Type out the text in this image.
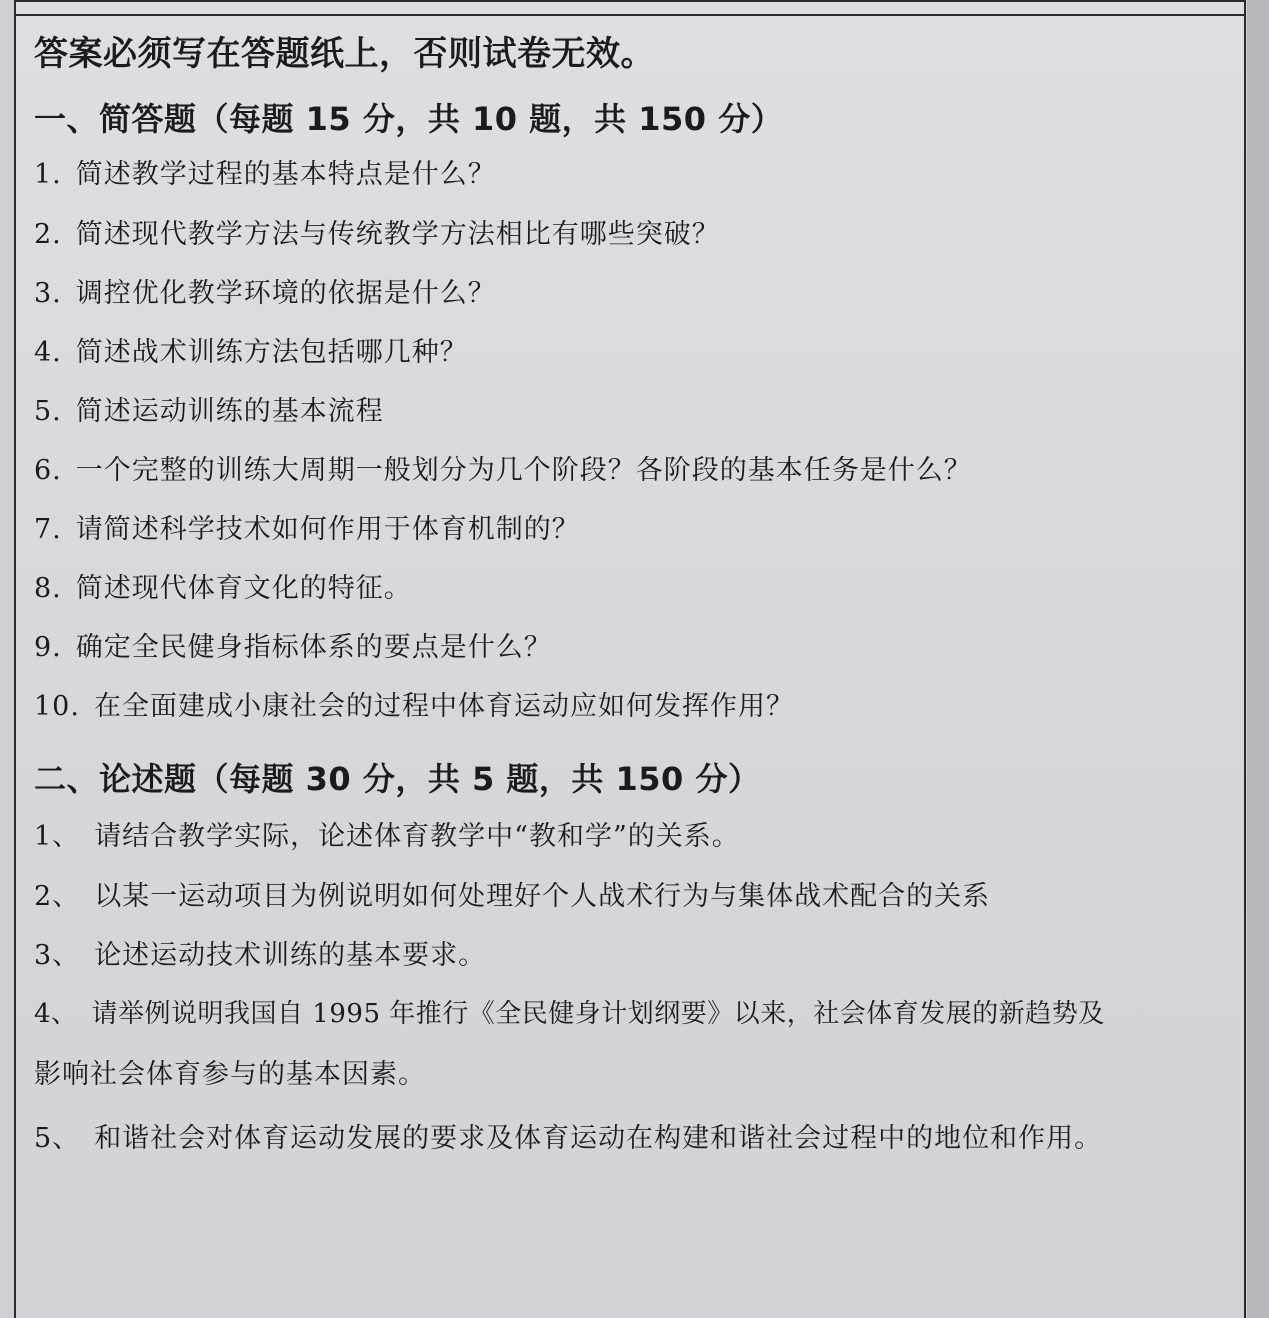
答案必须写在答题纸上，否则试卷无效。
一、简答题（每题 15 分，共 10 题，共 150 分）
1. 简述教学过程的基本特点是什么？
2. 简述现代教学方法与传统教学方法相比有哪些突破？
3. 调控优化教学环境的依据是什么？
4. 简述战术训练方法包括哪几种？
5. 简述运动训练的基本流程
6. 一个完整的训练大周期一般划分为几个阶段？各阶段的基本任务是什么？
7. 请简述科学技术如何作用于体育机制的？
8. 简述现代体育文化的特征。
9. 确定全民健身指标体系的要点是什么？
10. 在全面建成小康社会的过程中体育运动应如何发挥作用？
二、论述题（每题 30 分，共 5 题，共 150 分）
1、 请结合教学实际，论述体育教学中“教和学”的关系。
2、 以某一运动项目为例说明如何处理好个人战术行为与集体战术配合的关系
3、 论述运动技术训练的基本要求。
4、 请举例说明我国自 1995 年推行《全民健身计划纲要》以来，社会体育发展的新趋势及
影响社会体育参与的基本因素。
5、 和谐社会对体育运动发展的要求及体育运动在构建和谐社会过程中的地位和作用。
